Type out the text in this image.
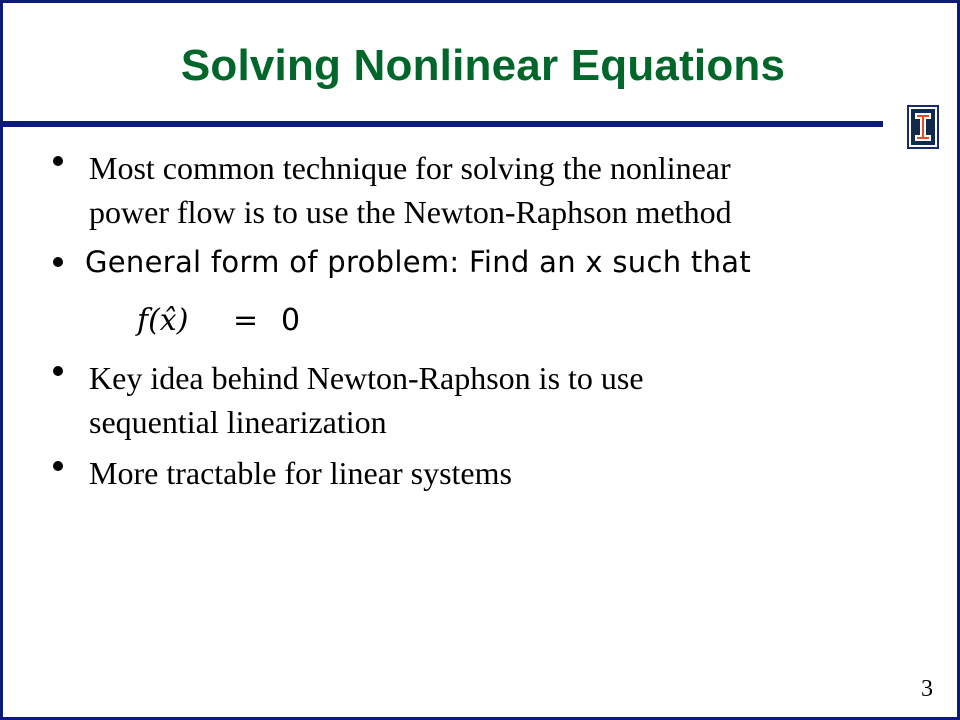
Solving Nonlinear Equations
Most common technique for solving the nonlinear
power flow is to use the Newton-Raphson method
General form of problem: Find an x such that
f(x̂) = 0
Key idea behind Newton-Raphson is to use
sequential linearization
More tractable for linear systems
3
